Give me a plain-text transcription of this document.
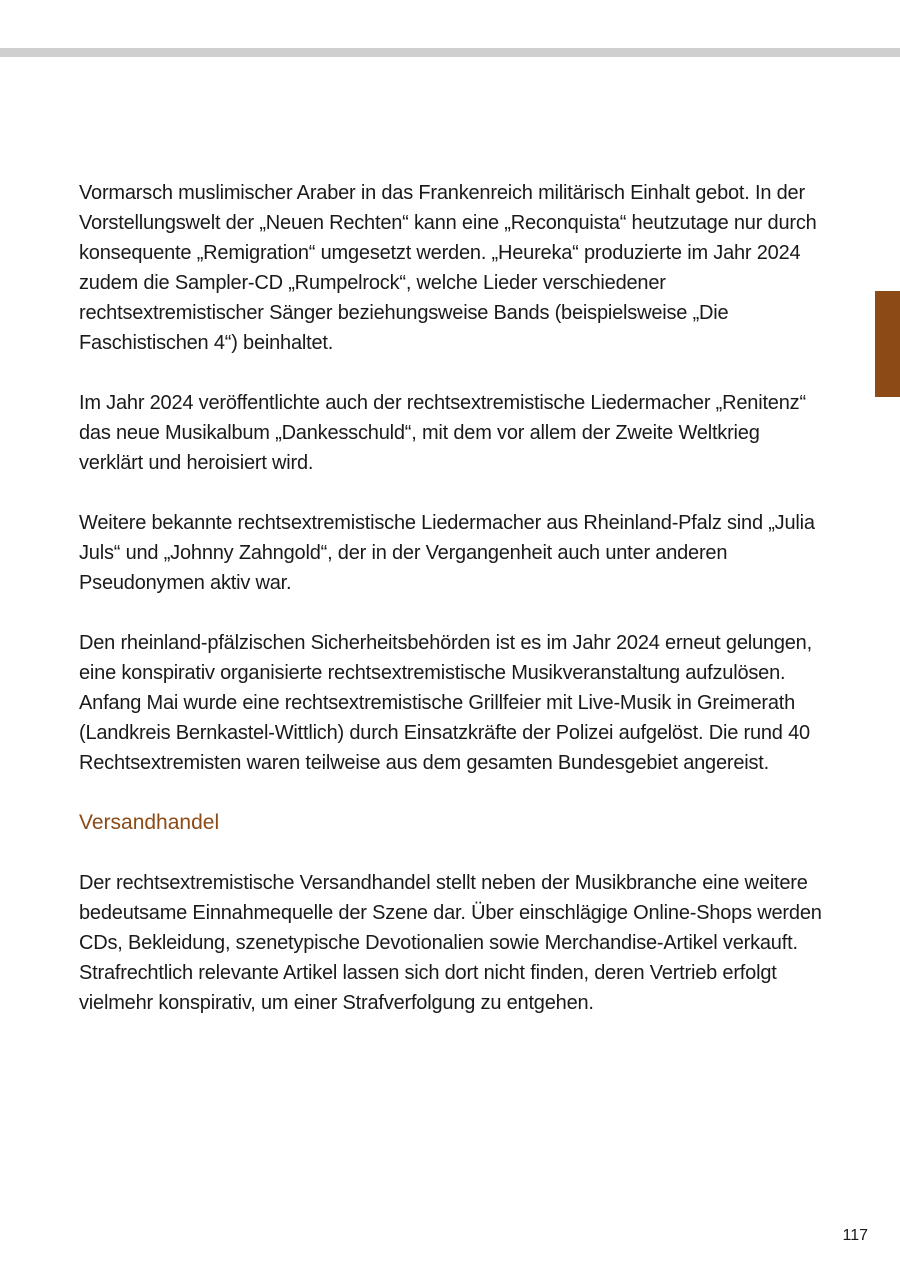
Vormarsch muslimischer Araber in das Frankenreich militärisch Einhalt gebot. In der Vorstellungswelt der „Neuen Rechten“ kann eine „Reconquista“ heutzutage nur durch konsequente „Remigration“ umgesetzt werden. „Heureka“ produzierte im Jahr 2024 zudem die Sampler-CD „Rumpelrock“, welche Lieder verschiedener rechtsextremistischer Sänger beziehungsweise Bands (beispielsweise „Die Faschistischen 4“) beinhaltet.

Im Jahr 2024 veröffentlichte auch der rechtsextremistische Liedermacher „Renitenz“ das neue Musikalbum „Dankesschuld“, mit dem vor allem der Zweite Weltkrieg verklärt und heroisiert wird.

Weitere bekannte rechtsextremistische Liedermacher aus Rheinland-Pfalz sind „Julia Juls“ und „Johnny Zahngold“, der in der Vergangenheit auch unter anderen Pseudonymen aktiv war.

Den rheinland-pfälzischen Sicherheitsbehörden ist es im Jahr 2024 erneut gelungen, eine konspirativ organisierte rechtsextremistische Musikveranstaltung aufzulösen. Anfang Mai wurde eine rechtsextremistische Grillfeier mit Live-Musik in Greimerath (Landkreis Bernkastel-Wittlich) durch Einsatzkräfte der Polizei aufgelöst. Die rund 40 Rechtsextremisten waren teilweise aus dem gesamten Bundesgebiet angereist.

Versandhandel

Der rechtsextremistische Versandhandel stellt neben der Musikbranche eine weitere bedeutsame Einnahmequelle der Szene dar. Über einschlägige Online-Shops werden CDs, Bekleidung, szenetypische Devotionalien sowie Merchandise-Artikel verkauft. Strafrechtlich relevante Artikel lassen sich dort nicht finden, deren Vertrieb erfolgt vielmehr konspirativ, um einer Strafverfolgung zu entgehen.

117
